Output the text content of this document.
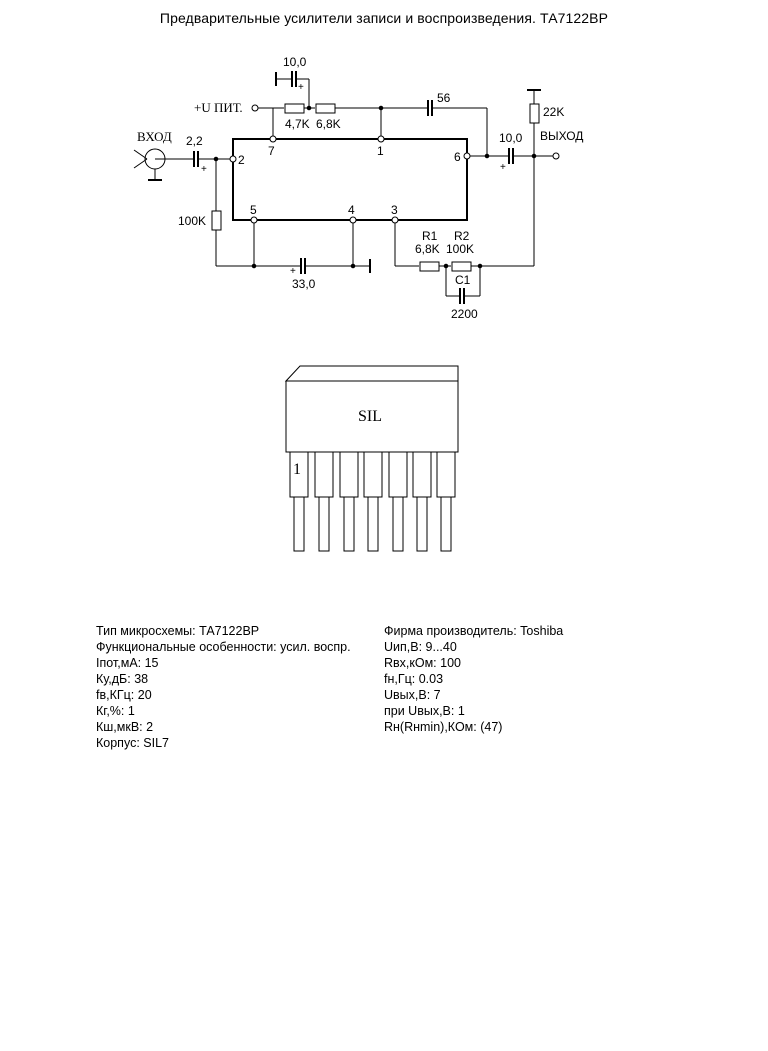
Предварительные усилители записи и воспроизведения. ТА7122ВР
+U ПИТ.
ВХОД	ВЫХОД
10,0
+
4,7K 6,8K
56
22K
10,0
+
2,2
+
100K
33,0
+
R1
6,8K
R2
100K
C1
2200
7	1
2	6
5	4	3
SIL
1
Тип микросхемы: ТА7122ВР
Функциональные особенности: усил. воспр.
Iпот,мА: 15
Ку,дБ: 38
fв,КГц: 20
Кг,%: 1
Кш,мкВ: 2
Корпус: SIL7
Фирма производитель: Toshiba
Uип,В: 9...40
Rвх,кОм: 100
fн,Гц: 0.03
Uвых,В: 7
при Uвых,В: 1
Rн(Rнmin),КОм: (47)
